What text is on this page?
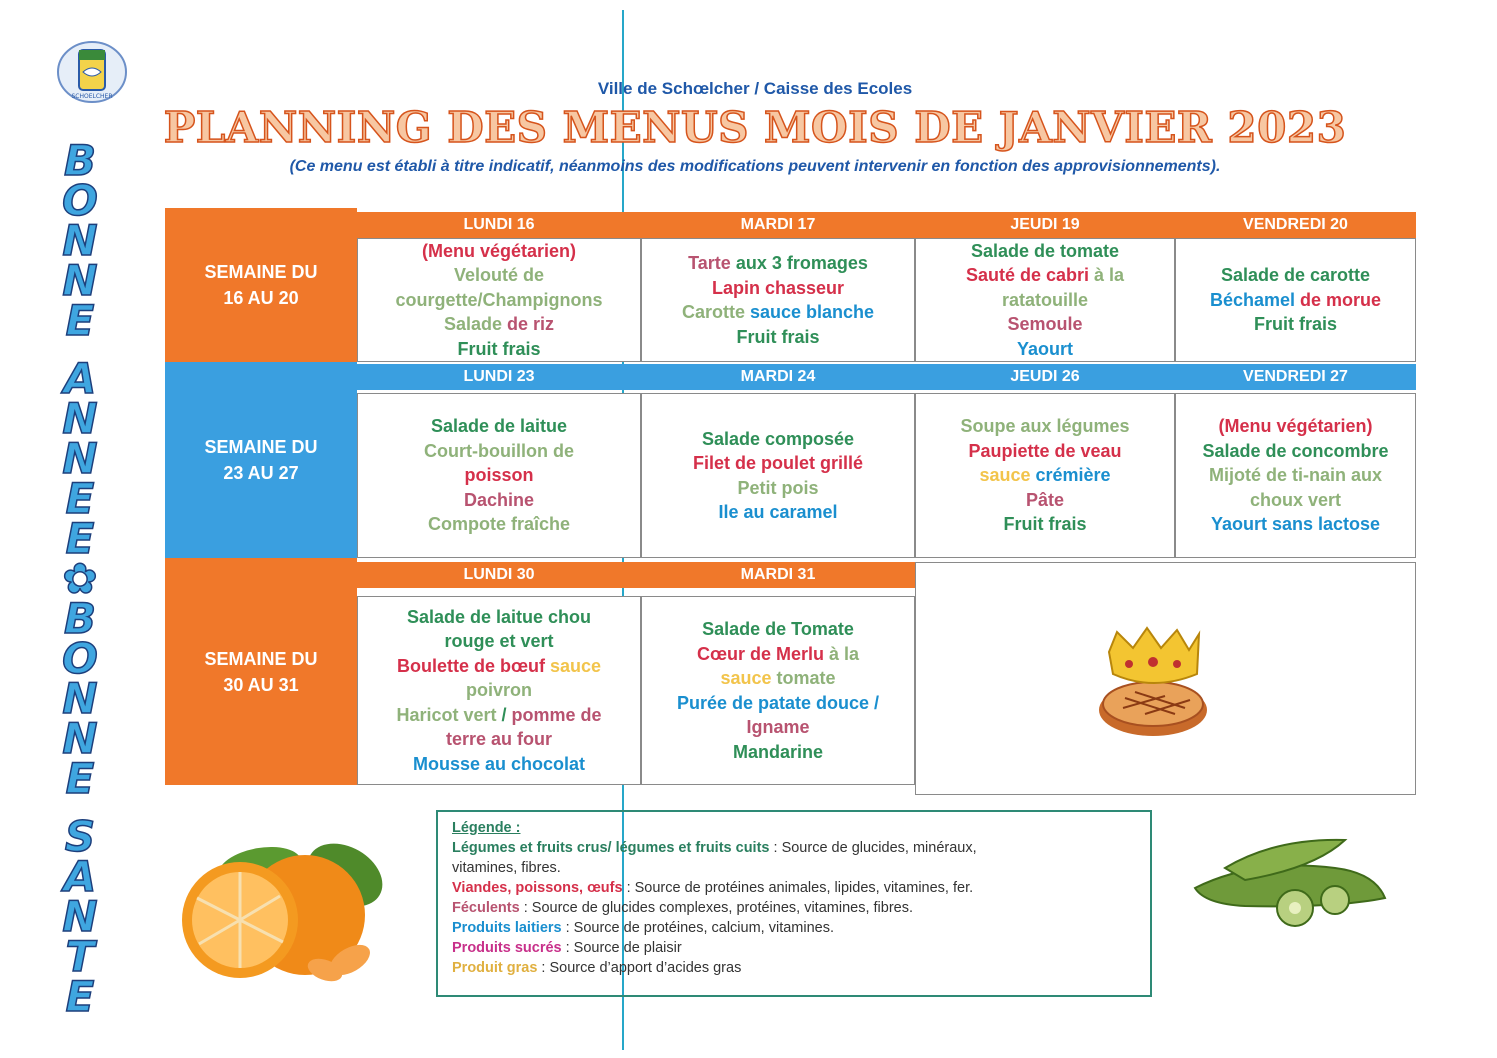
SCHOELCHER
B
O
N
N
E
A
N
N
E
E
✿
B
O
N
N
E
S
A
N
T
E
Ville de Schœlcher / Caisse des Ecoles
PLANNING DES MENUS MOIS DE JANVIER 2023
(Ce menu est établi à titre indicatif, néanmoins des modifications peuvent intervenir en fonction des approvisionnements).
SEMAINE DU
16 AU 20
LUNDI 16
(Menu végétarien)
Velouté de
courgette/Champignons
Salade de riz
Fruit frais
MARDI 17
Tarte aux 3 fromages
Lapin chasseur
Carotte sauce blanche
Fruit frais
JEUDI 19
Salade de tomate
Sauté de cabri à la
ratatouille
Semoule
Yaourt
VENDREDI 20
Salade de carotte
Béchamel de morue
Fruit frais
SEMAINE DU
23 AU 27
LUNDI 23
Salade de laitue
Court-bouillon de
poisson
Dachine
Compote fraîche
MARDI 24
Salade composée
Filet de poulet grillé
Petit pois
Ile au caramel
JEUDI 26
Soupe aux légumes
Paupiette de veau
sauce crémière
Pâte
Fruit frais
VENDREDI 27
(Menu végétarien)
Salade de concombre
Mijoté de ti-nain aux
choux vert
Yaourt sans lactose
SEMAINE DU
30 AU 31
LUNDI 30
Salade de laitue chou
rouge et vert
Boulette de bœuf sauce
poivron
Haricot vert / pomme de
terre au four
Mousse au chocolat
MARDI 31
Salade de Tomate
Cœur de Merlu à la
sauce tomate
Purée de patate douce /
Igname
Mandarine
Légende :
Légumes et fruits crus/ légumes et fruits cuits : Source de glucides, minéraux,
vitamines, fibres.
Viandes, poissons, œufs : Source de protéines animales, lipides, vitamines, fer.
Féculents : Source de glucides complexes, protéines, vitamines, fibres.
Produits laitiers : Source de protéines, calcium, vitamines.
Produits sucrés : Source de plaisir
Produit gras : Source d’apport d’acides gras
